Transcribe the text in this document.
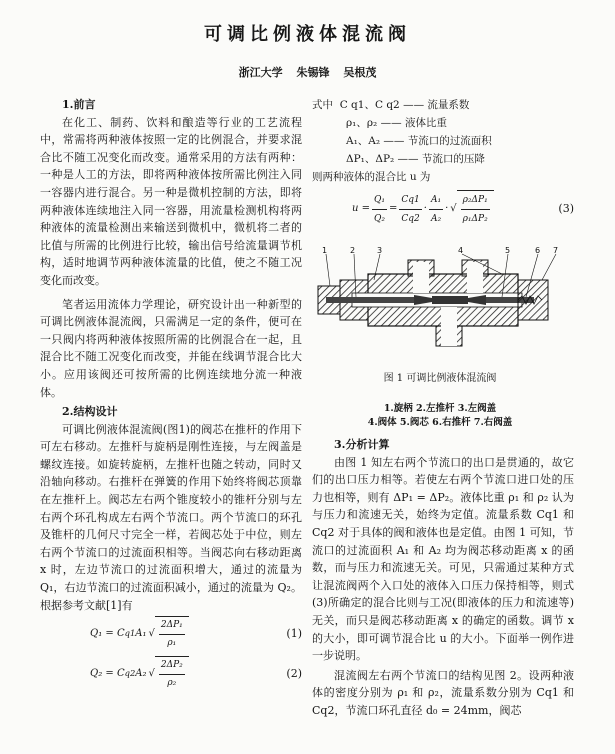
可调比例液体混流阀
浙江大学 朱锡锋 吴根茂

1.前言

在化工、制药、饮料和酿造等行业的工艺流程中，常需将两种液体按照一定的比例混合，并要求混合比不随工况变化而改变。通常采用的方法有两种：一种是人工的方法，即将两种液体按所需比例注入同一容器内进行混合。另一种是微机控制的方法，即将两种液体连续地注入同一容器，用流量检测机构将两种液体的流量检测出来输送到微机中，微机将二者的比值与所需的比例进行比较，输出信号给流量调节机构，适时地调节两种液体流量的比值，使之不随工况变化而改变。

笔者运用流体力学理论，研究设计出一种新型的可调比例液体混流阀，只需满足一定的条件，便可在一只阀内将两种液体按照所需的比例混合在一起，且混合比不随工况变化而改变，并能在线调节混合比大小。应用该阀还可按所需的比例连续地分流一种液体。

2.结构设计

可调比例液体混流阀(图1)的阀芯在推杆的作用下可左右移动。左推杆与旋柄是刚性连接，与左阀盖是螺纹连接。如旋转旋柄，左推杆也随之转动，同时又沿轴向移动。右推杆在弹簧的作用下始终将阀芯顶靠在左推杆上。阀芯左右两个锥度较小的锥杆分别与左右两个环孔构成左右两个节流口。两个节流口的环孔及锥杆的几何尺寸完全一样，若阀芯处于中位，则左右两个节流口的过流面积相等。当阀芯向右移动距离 x 时，左边节流口的过流面积增大，通过的流量为 Q₁，右边节流口的过流面积减小，通过的流量为 Q₂。根据参考文献[1]有

Q₁ = C q1 A₁ √ $\frac{\text{2ΔP₁}}{\text{ρ₁}}$	(1)
Q₂ = C q2 A₂ √ $\frac{\text{2ΔP₂}}{\text{ρ₂}}$	(2)
式中 C q1、C q2 —— 流量系数
ρ₁、ρ₂ —— 液体比重
A₁、A₂ —— 节流口的过流面积
ΔP₁、ΔP₂ —— 节流口的压降
则两种液体的混合比 u 为
$u = \frac{\text{Q₁}}{\text{Q₂}} = \frac{Cq1}{Cq2} \cdot \frac{\text{A₁}}{\text{A₂}}$ · √ $\frac{\text{ρ₂ΔP₁}}{\text{ρ₁ΔP₂}}$	(3)
1	2	3	4	5	6 7
图 1 可调比例液体混流阀
1.旋柄 2.左推杆 3.左阀盖
4.阀体 5.阀芯 6.右推杆 7.右阀盖

3.分析计算

由图 1 知左右两个节流口的出口是贯通的，故它们的出口压力相等。若使左右两个节流口进口处的压力也相等，则有 ΔP₁ = ΔP₂。液体比重 ρ₁ 和 ρ₂ 认为与压力和流速无关，始终为定值。流量系数 Cq1 和 Cq2 对于具体的阀和液体也是定值。由图 1 可知，节流口的过流面积 A₁ 和 A₂ 均为阀芯移动距离 x 的函数，而与压力和流速无关。可见，只需通过某种方式让混流阀两个入口处的液体入口压力保持相等，则式(3)所确定的混合比则与工况(即液体的压力和流速等)无关，而只是阀芯移动距离 x 的确定的函数。调节 x 的大小，即可调节混合比 u 的大小。下面举一例作进一步说明。

混流阀左右两个节流口的结构见图 2。设两种液体的密度分别为 ρ₁ 和 ρ₂，流量系数分别为 Cq1 和 Cq2，节流口环孔直径 d₀ = 24mm，阀芯
